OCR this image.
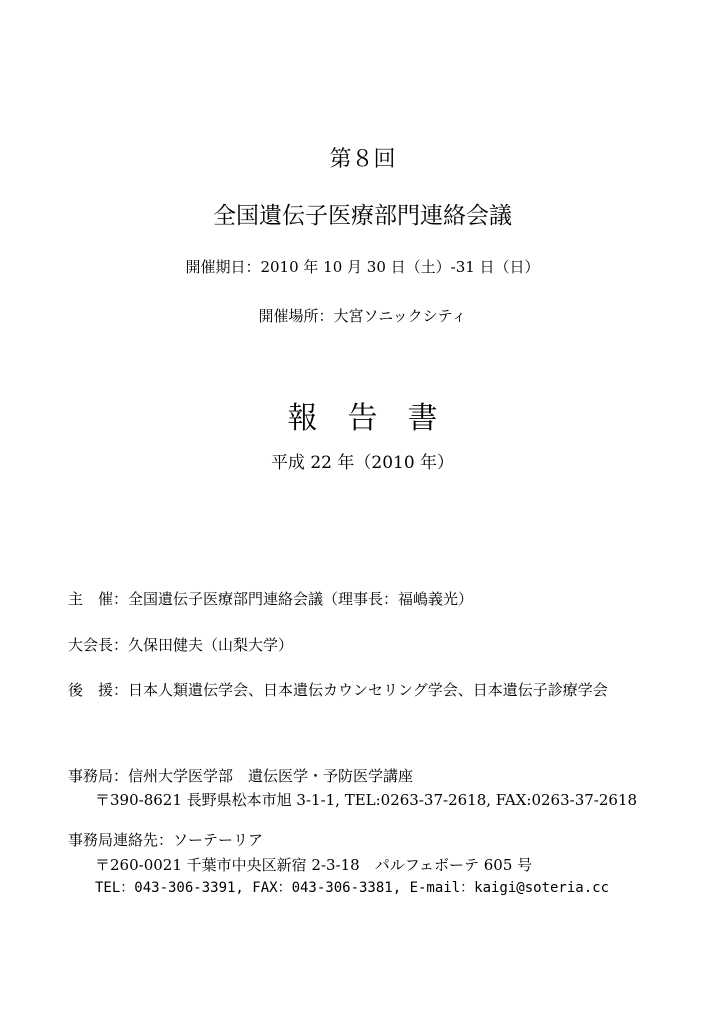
第８回
全国遺伝子医療部門連絡会議
開催期日：2010 年 10 月 30 日（土）-31 日（日）
開催場所：大宮ソニックシティ
報　告　書
平成 22 年（2010 年）
主　催：全国遺伝子医療部門連絡会議（理事長：福嶋義光）
大会長：久保田健夫（山梨大学）
後　援：日本人類遺伝学会、日本遺伝カウンセリング学会、日本遺伝子診療学会
事務局：信州大学医学部　遺伝医学・予防医学講座
〒390-8621 長野県松本市旭 3-1-1, TEL:0263-37-2618, FAX:0263-37-2618
事務局連絡先：ソーテーリア
〒260-0021 千葉市中央区新宿 2-3-18　パルフェボーテ 605 号
TEL：043-306-3391, FAX：043-306-3381, E-mail：kaigi@soteria.cc
